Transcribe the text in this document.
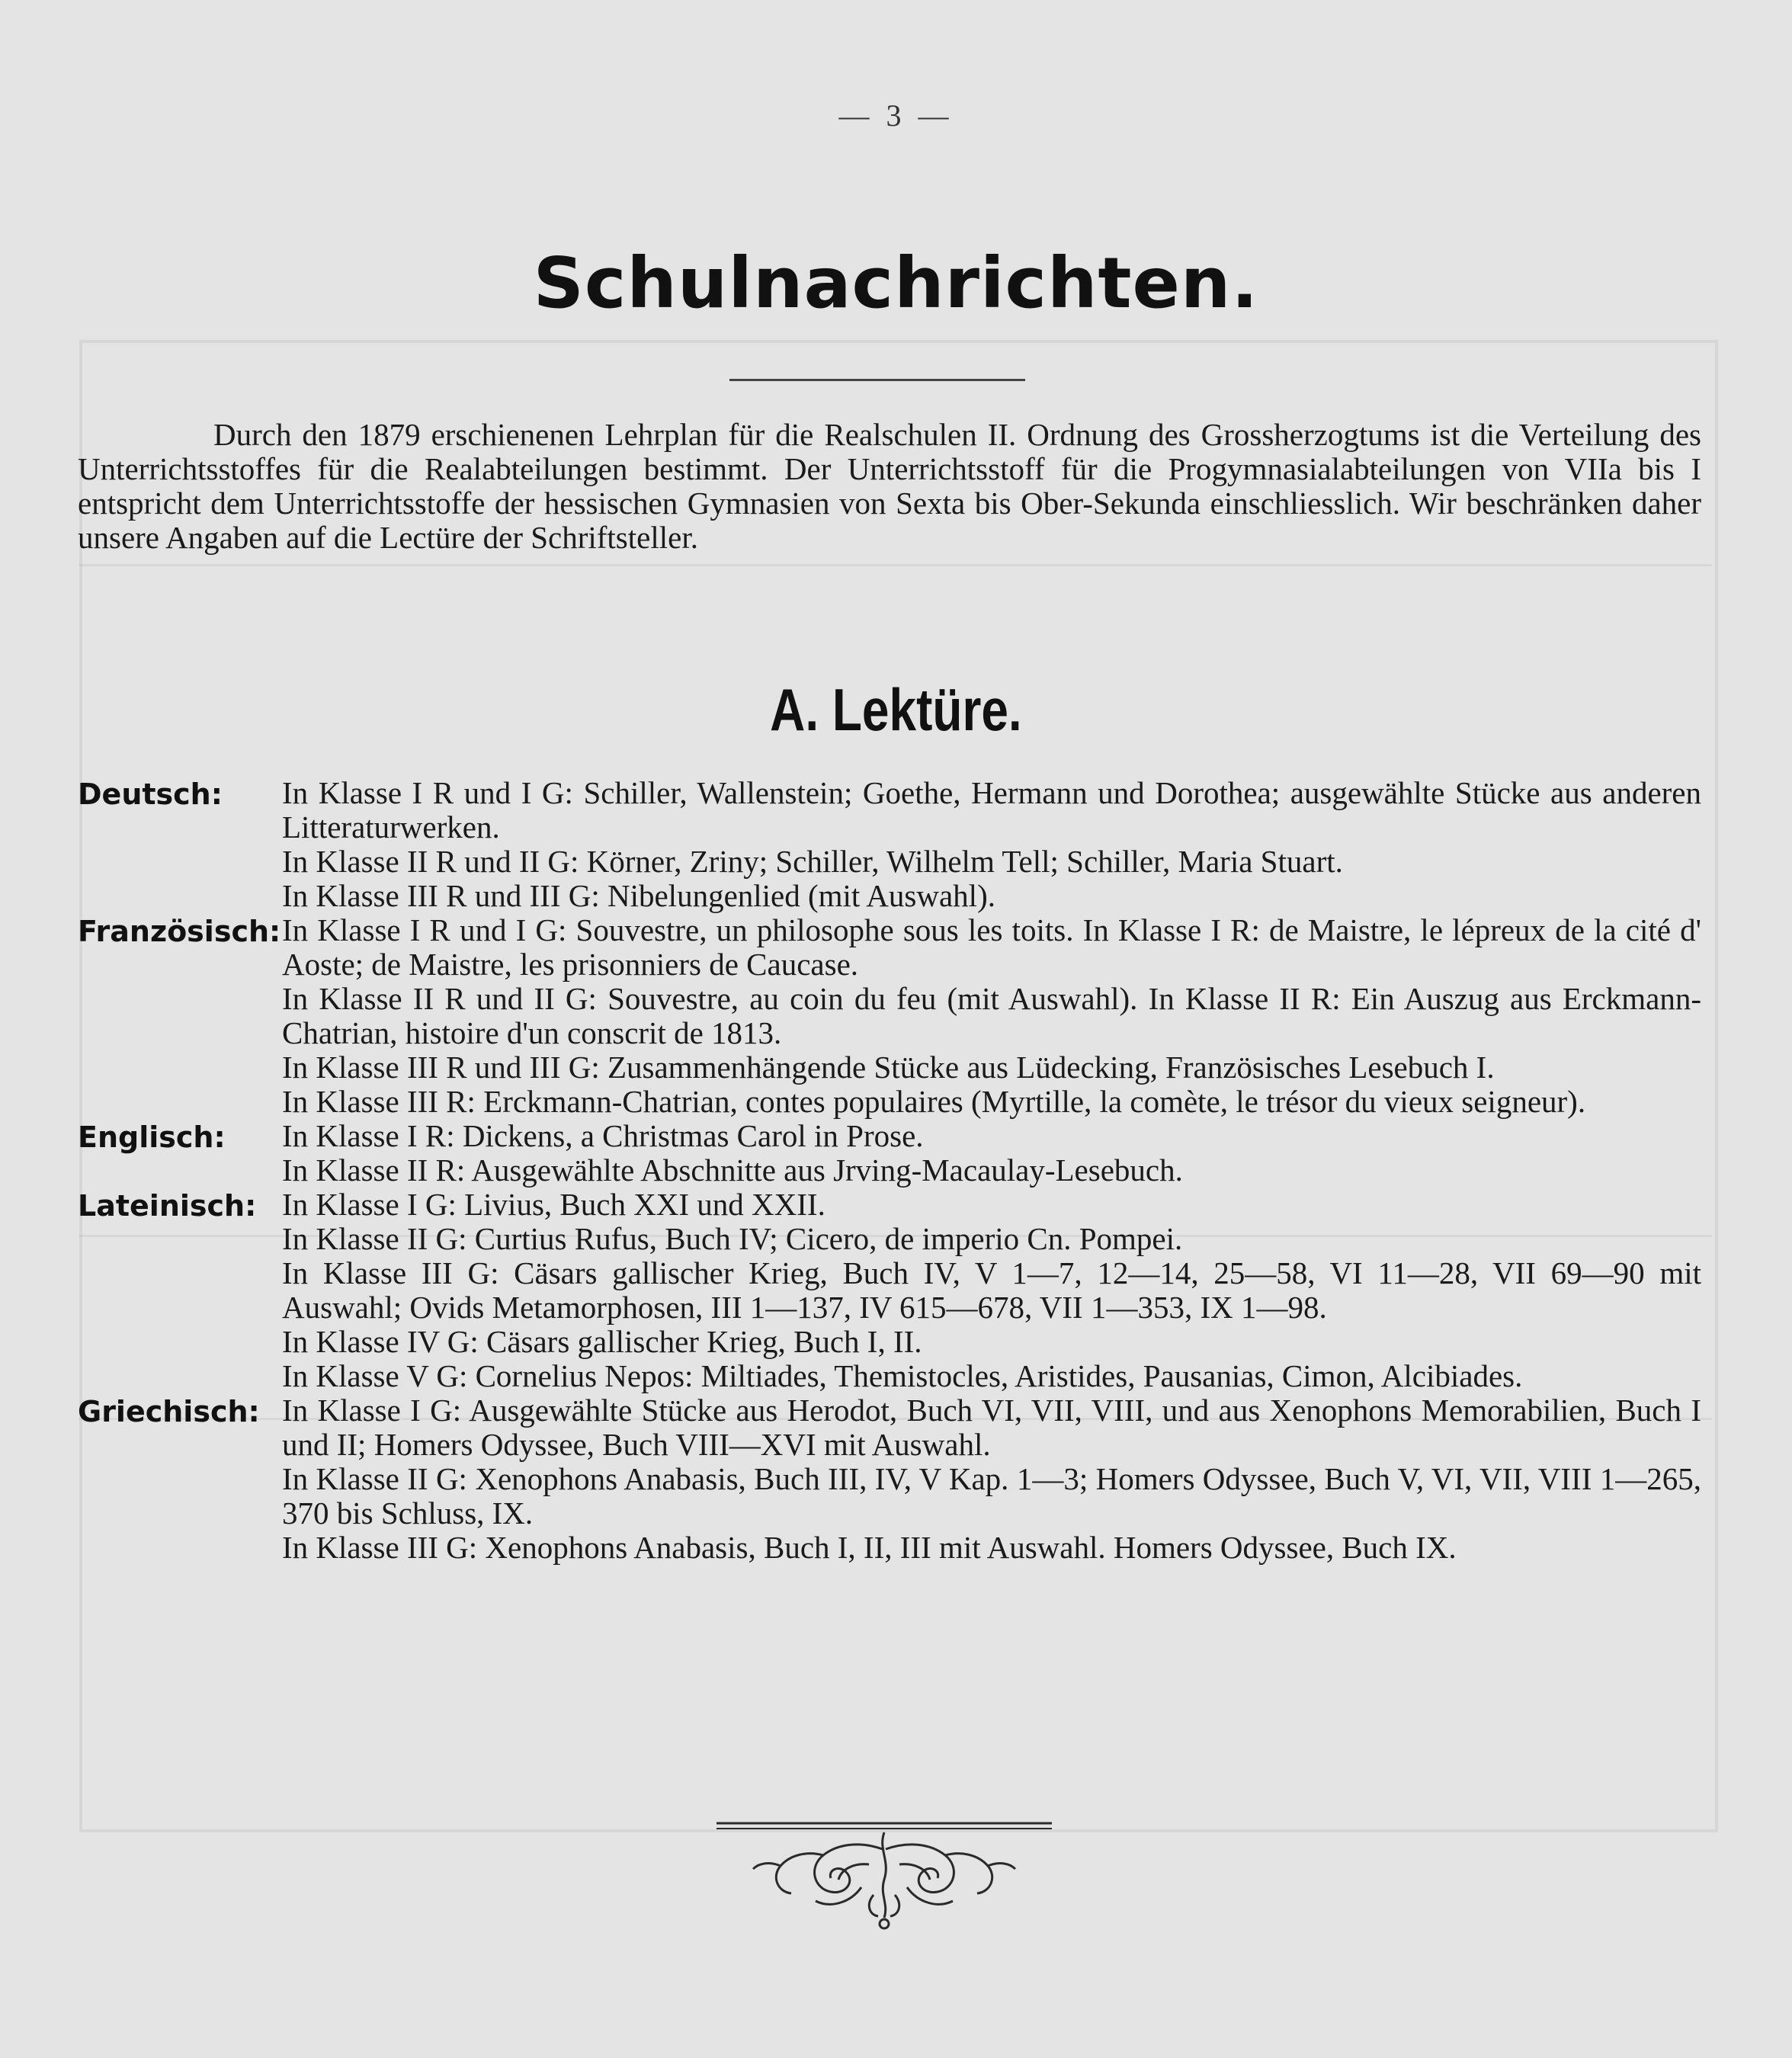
— 3 —
Schulnachrichten.

Durch den 1879 erschienenen Lehrplan für die Realschulen II. Ordnung des Grossherzogtums ist die Verteilung des Unterrichtsstoffes für die Realabteilungen bestimmt. Der Unterrichtsstoff für die Progymnasialabteilungen von VIIa bis I entspricht dem Unterrichtsstoffe der hessischen Gymnasien von Sexta bis Ober-Sekunda einschliesslich. Wir beschränken daher unsere Angaben auf die Lectüre der Schriftsteller.

A. Lektüre.
Deutsch:	In Klasse I R und I G: Schiller, Wallenstein; Goethe, Hermann und Dorothea; ausgewählte Stücke aus anderen Litteraturwerken.

In Klasse II R und II G: Körner, Zriny; Schiller, Wilhelm Tell; Schiller, Maria Stuart.

In Klasse III R und III G: Nibelungenlied (mit Auswahl).

Französisch: In Klasse I R und I G: Souvestre, un philosophe sous les toits. In Klasse I R: de Maistre, le lépreux de la cité d' Aoste; de Maistre, les prisonniers de Caucase.

In Klasse II R und II G: Souvestre, au coin du feu (mit Auswahl). In Klasse II R: Ein Auszug aus Erckmann-Chatrian, histoire d'un conscrit de 1813.

In Klasse III R und III G: Zusammenhängende Stücke aus Lüdecking, Französisches Lesebuch I.

In Klasse III R: Erckmann-Chatrian, contes populaires (Myrtille, la comète, le trésor du vieux seigneur).

Englisch:	In Klasse I R: Dickens, a Christmas Carol in Prose.

In Klasse II R: Ausgewählte Abschnitte aus Jrving-Macaulay-Lesebuch.

Lateinisch: In Klasse I G: Livius, Buch XXI und XXII.

In Klasse II G: Curtius Rufus, Buch IV; Cicero, de imperio Cn. Pompei.

In Klasse III G: Cäsars gallischer Krieg, Buch IV, V 1—7, 12—14, 25—58, VI 11—28, VII 69—90 mit Auswahl; Ovids Metamorphosen, III 1—137, IV 615—678, VII 1—353, IX 1—98.

In Klasse IV G: Cäsars gallischer Krieg, Buch I, II.

In Klasse V G: Cornelius Nepos: Miltiades, Themistocles, Aristides, Pausanias, Cimon, Alcibiades.

Griechisch: In Klasse I G: Ausgewählte Stücke aus Herodot, Buch VI, VII, VIII, und aus Xenophons Memorabilien, Buch I und II; Homers Odyssee, Buch VIII—XVI mit Auswahl.

In Klasse II G: Xenophons Anabasis, Buch III, IV, V Kap. 1—3; Homers Odyssee, Buch V, VI, VII, VIII 1—265, 370 bis Schluss, IX.

In Klasse III G: Xenophons Anabasis, Buch I, II, III mit Auswahl. Homers Odyssee, Buch IX.
